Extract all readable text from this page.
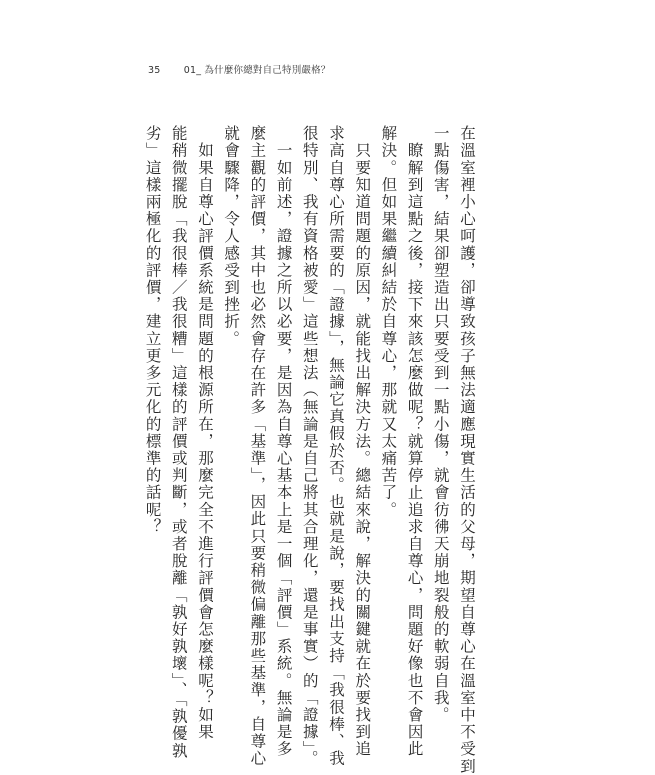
35 01_ 為什麼你總對自己特別嚴格？

在溫室裡小心呵護，卻導致孩子無法適應現實生活的父母，期望自尊心在溫室中不受到

一點傷害，結果卻塑造出只要受到一點小傷，就會彷彿天崩地裂般的軟弱自我。

　瞭解到這點之後，接下來該怎麼做呢？就算停止追求自尊心，問題好像也不會因此

解決。但如果繼續糾結於自尊心，那就又太痛苦了。

　只要知道問題的原因，就能找出解決方法。總結來說，解決的關鍵就在於要找到追

求高自尊心所需要的「證據」，無論它真假於否。也就是說，要找出支持「我很棒、我

很特別、我有資格被愛」這些想法（無論是自己將其合理化，還是事實）的「證據」。

　一如前述，證據之所以必要，是因為自尊心基本上是一個「評價」系統。無論是多

麼主觀的評價，其中也必然會存在許多「基準」，因此只要稍微偏離那些基準，自尊心

就會驟降，令人感受到挫折。

　如果自尊心評價系統是問題的根源所在，那麼完全不進行評價會怎麼樣呢？如果

能稍微擺脫「我很棒／我很糟」這樣的評價或判斷，或者脫離「孰好孰壞」、「孰優孰

劣」這樣兩極化的評價，建立更多元化的標準的話呢？
